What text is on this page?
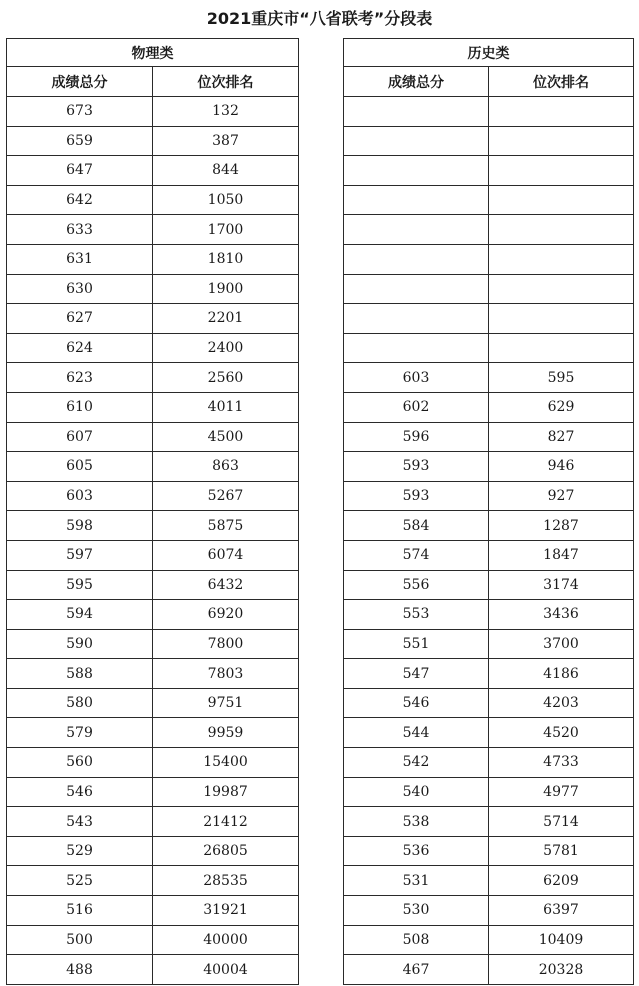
2021重庆市“八省联考”分段表
物理类	
成绩总分	位次排名
673	132
659	387
647	844
642	1050
633	1700
631	1810
630	1900
627	2201
624	2400
623	2560
610	4011
607	4500
605	863
603	5267
598	5875
597	6074
595	6432
594	6920
590	7800
588	7803
580	9751
579	9959
560	15400
546	19987
543	21412
529	26805
525	28535
516	31921
500	40000
488	40004
历史类	
成绩总分	位次排名

603	595
602	629
596	827
593	946
593	927
584	1287
574	1847
556	3174
553	3436
551	3700
547	4186
546	4203
544	4520
542	4733
540	4977
538	5714
536	5781
531	6209
530	6397
508	10409
467	20328
